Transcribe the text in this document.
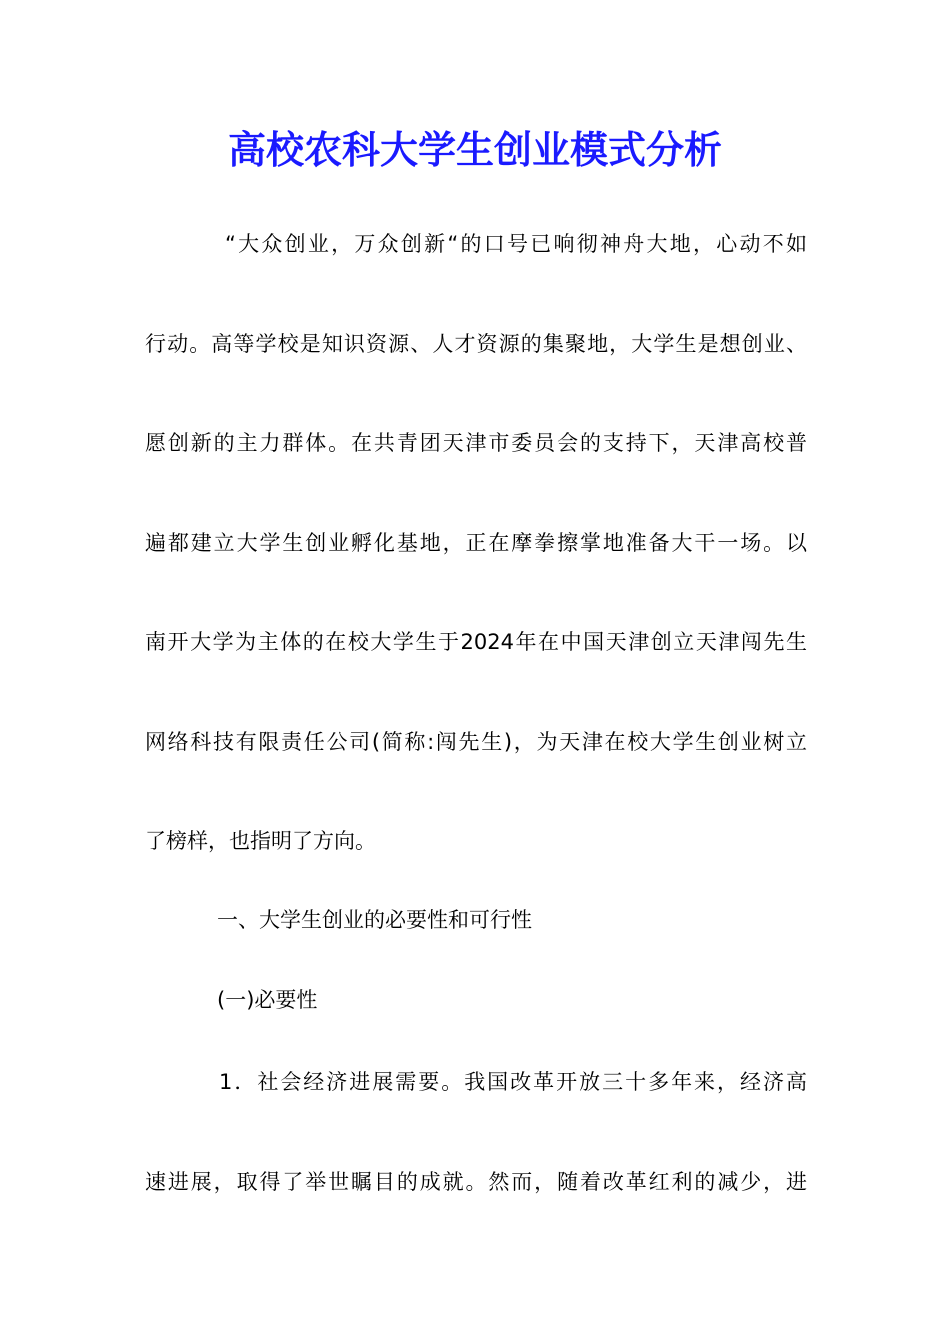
高校农科大学生创业模式分析

“大众创业，万众创新“的口号已响彻神舟大地，心动不如

行动。高等学校是知识资源、人才资源的集聚地，大学生是想创业、

愿创新的主力群体。在共青团天津市委员会的支持下，天津高校普

遍都建立大学生创业孵化基地，正在摩拳擦掌地准备大干一场。以

南开大学为主体的在校大学生于2024年在中国天津创立天津闯先生

网络科技有限责任公司(简称:闯先生)，为天津在校大学生创业树立

了榜样，也指明了方向。

一、大学生创业的必要性和可行性

(一)必要性

1．社会经济进展需要。我国改革开放三十多年来，经济高

速进展，取得了举世瞩目的成就。然而，随着改革红利的减少，进
